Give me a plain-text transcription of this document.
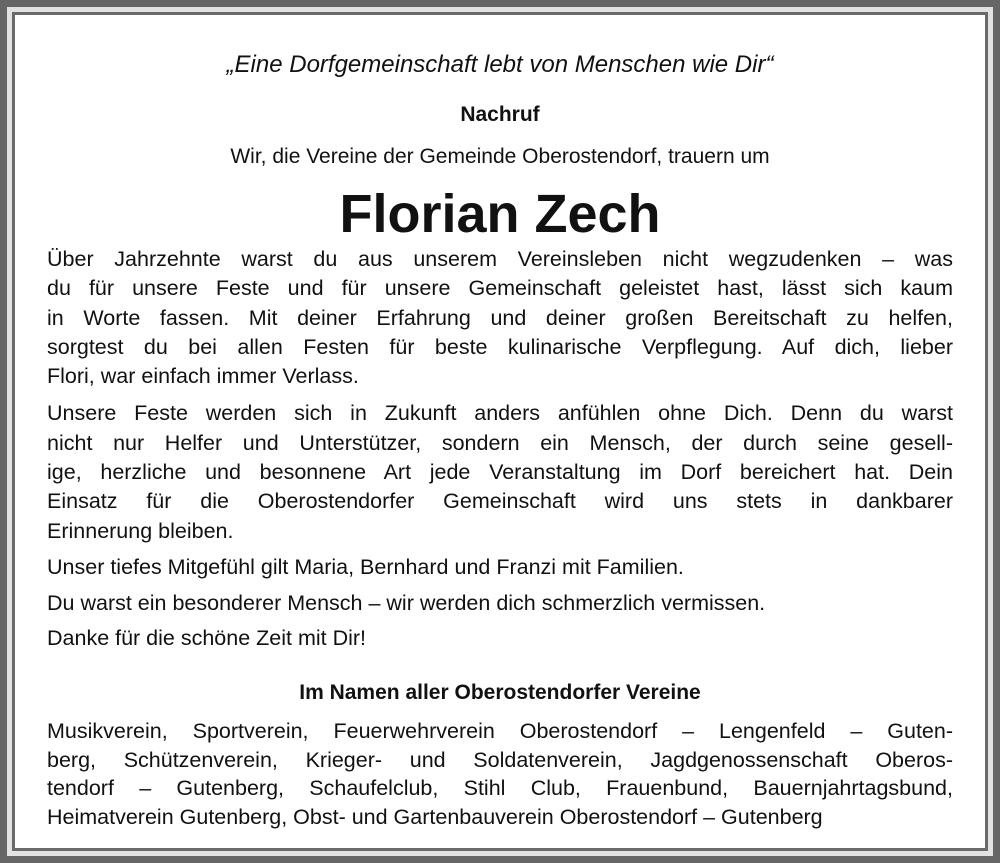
„Eine Dorfgemeinschaft lebt von Menschen wie Dir“
Nachruf
Wir, die Vereine der Gemeinde Oberostendorf, trauern um
Florian Zech
Über Jahrzehnte warst du aus unserem Vereinsleben nicht wegzudenken – was
du für unsere Feste und für unsere Gemeinschaft geleistet hast, lässt sich kaum
in Worte fassen. Mit deiner Erfahrung und deiner großen Bereitschaft zu helfen,
sorgtest du bei allen Festen für beste kulinarische Verpflegung. Auf dich, lieber
Flori, war einfach immer Verlass.
Unsere Feste werden sich in Zukunft anders anfühlen ohne Dich. Denn du warst
nicht nur Helfer und Unterstützer, sondern ein Mensch, der durch seine gesell-
ige, herzliche und besonnene Art jede Veranstaltung im Dorf bereichert hat. Dein
Einsatz für die Oberostendorfer Gemeinschaft wird uns stets in dankbarer
Erinnerung bleiben.
Unser tiefes Mitgefühl gilt Maria, Bernhard und Franzi mit Familien.
Du warst ein besonderer Mensch – wir werden dich schmerzlich vermissen.
Danke für die schöne Zeit mit Dir!
Im Namen aller Oberostendorfer Vereine
Musikverein, Sportverein, Feuerwehrverein Oberostendorf – Lengenfeld – Guten-
berg, Schützenverein, Krieger- und Soldatenverein, Jagdgenossenschaft Oberos-
tendorf – Gutenberg, Schaufelclub, Stihl Club, Frauenbund, Bauernjahrtagsbund,
Heimatverein Gutenberg, Obst- und Gartenbauverein Oberostendorf – Gutenberg
